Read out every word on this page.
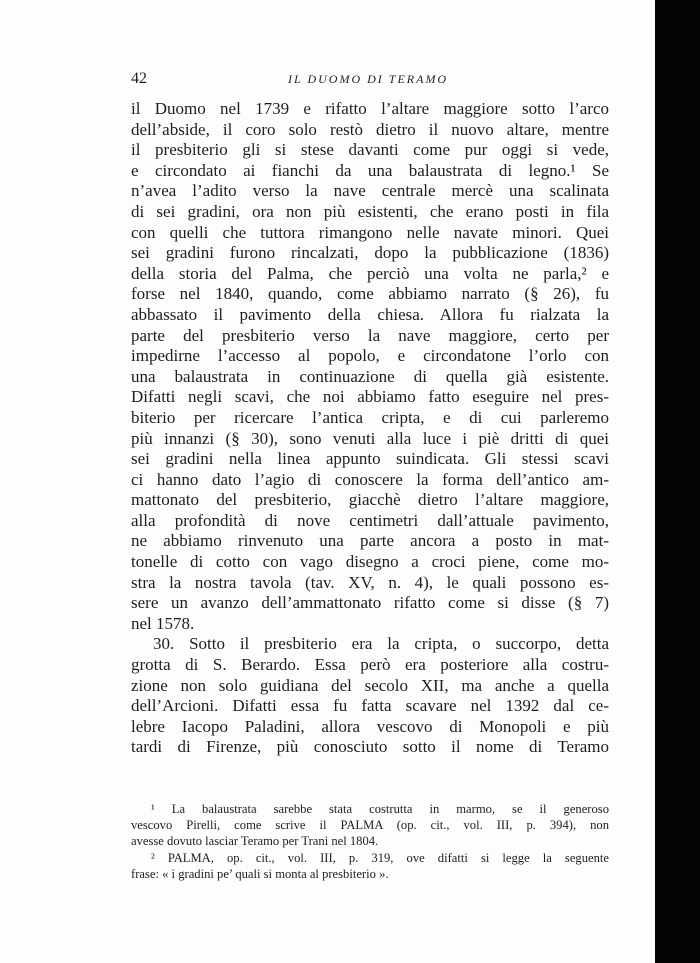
42	IL DUOMO DI TERAMO
il Duomo nel 1739 e rifatto l’altare maggiore sotto l’arco
dell’abside, il coro solo restò dietro il nuovo altare, mentre
il presbiterio gli si stese davanti come pur oggi si vede,
e circondato ai fianchi da una balaustrata di legno.¹ Se
n’avea l’adito verso la nave centrale mercè una scalinata
di sei gradini, ora non più esistenti, che erano posti in fila
con quelli che tuttora rimangono nelle navate minori. Quei
sei gradini furono rincalzati, dopo la pubblicazione (1836)
della storia del Palma, che perciò una volta ne parla,² e
forse nel 1840, quando, come abbiamo narrato (§ 26), fu
abbassato il pavimento della chiesa. Allora fu rialzata la
parte del presbiterio verso la nave maggiore, certo per
impedirne l’accesso al popolo, e circondatone l’orlo con
una balaustrata in continuazione di quella già esistente.
Difatti negli scavi, che noi abbiamo fatto eseguire nel pres-
biterio per ricercare l’antica cripta, e di cui parleremo
più innanzi (§ 30), sono venuti alla luce i piè dritti di quei
sei gradini nella linea appunto suindicata. Gli stessi scavi
ci hanno dato l’agio di conoscere la forma dell’antico am-
mattonato del presbiterio, giacchè dietro l’altare maggiore,
alla profondità di nove centimetri dall’attuale pavimento,
ne abbiamo rinvenuto una parte ancora a posto in mat-
tonelle di cotto con vago disegno a croci piene, come mo-
stra la nostra tavola (tav. XV, n. 4), le quali possono es-
sere un avanzo dell’ammattonato rifatto come si disse (§ 7)
nel 1578.
30. Sotto il presbiterio era la cripta, o succorpo, detta
grotta di S. Berardo. Essa però era posteriore alla costru-
zione non solo guidiana del secolo XII, ma anche a quella
dell’Arcioni. Difatti essa fu fatta scavare nel 1392 dal ce-
lebre Iacopo Paladini, allora vescovo di Monopoli e più
tardi di Firenze, più conosciuto sotto il nome di Teramo
¹ La balaustrata sarebbe stata costrutta in marmo, se il generoso
vescovo Pirelli, come scrive il PALMA (op. cit., vol. III, p. 394), non
avesse dovuto lasciar Teramo per Trani nel 1804.
² PALMA, op. cit., vol. III, p. 319, ove difatti si legge la seguente
frase: « i gradini pe’ quali si monta al presbiterio ».
